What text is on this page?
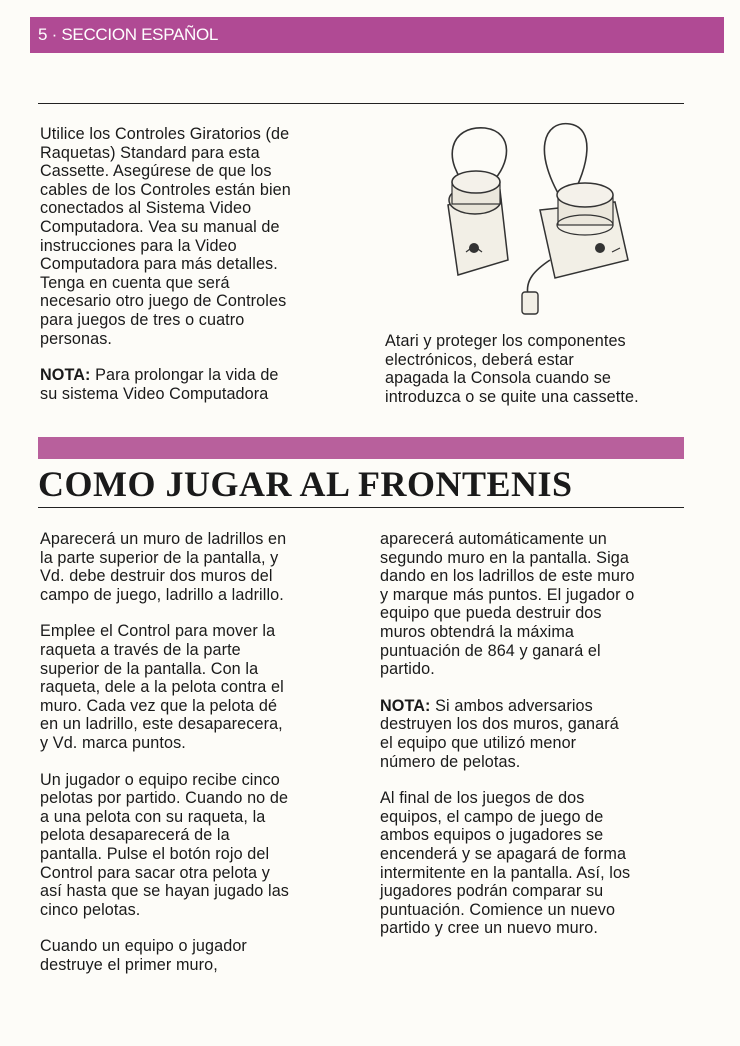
5 · SECCION ESPAÑOL

Utilice los Controles Giratorios (de
Raquetas) Standard para esta
Cassette. Asegúrese de que los
cables de los Controles están bien
conectados al Sistema Video
Computadora. Vea su manual de
instrucciones para la Video
Computadora para más detalles.
Tenga en cuenta que será
necesario otro juego de Controles
para juegos de tres o cuatro
personas.

NOTA: Para prolongar la vida de
su sistema Video Computadora

Atari y proteger los componentes
electrónicos, deberá estar
apagada la Consola cuando se
introduzca o se quite una cassette.

COMO JUGAR AL FRONTENIS

Aparecerá un muro de ladrillos en
la parte superior de la pantalla, y
Vd. debe destruir dos muros del
campo de juego, ladrillo a ladrillo.

Emplee el Control para mover la
raqueta a través de la parte
superior de la pantalla. Con la
raqueta, dele a la pelota contra el
muro. Cada vez que la pelota dé
en un ladrillo, este desaparecera,
y Vd. marca puntos.

Un jugador o equipo recibe cinco
pelotas por partido. Cuando no de
a una pelota con su raqueta, la
pelota desaparecerá de la
pantalla. Pulse el botón rojo del
Control para sacar otra pelota y
así hasta que se hayan jugado las
cinco pelotas.

Cuando un equipo o jugador
destruye el primer muro,

aparecerá automáticamente un
segundo muro en la pantalla. Siga
dando en los ladrillos de este muro
y marque más puntos. El jugador o
equipo que pueda destruir dos
muros obtendrá la máxima
puntuación de 864 y ganará el
partido.

NOTA: Si ambos adversarios
destruyen los dos muros, ganará
el equipo que utilizó menor
número de pelotas.

Al final de los juegos de dos
equipos, el campo de juego de
ambos equipos o jugadores se
encenderá y se apagará de forma
intermitente en la pantalla. Así, los
jugadores podrán comparar su
puntuación. Comience un nuevo
partido y cree un nuevo muro.
